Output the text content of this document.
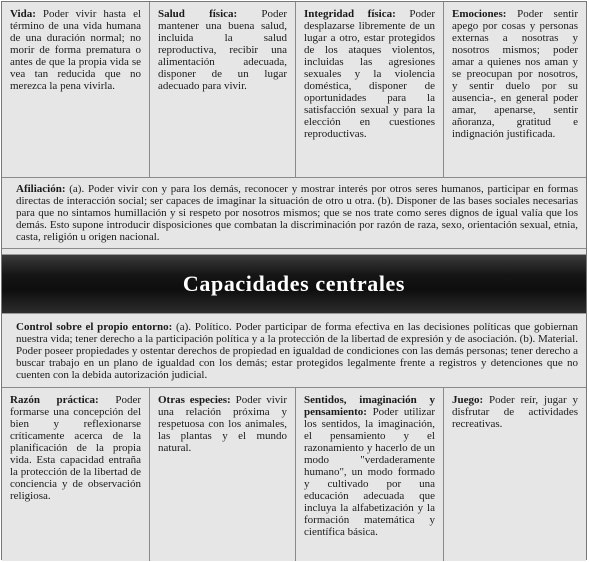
Vida: Poder vivir hasta el término de una vida humana de una duración normal; no morir de forma prematura o antes de que la propia vida se vea tan reducida que no merezca la pena vivirla.
Salud física: Poder mantener una buena salud, incluida la salud reproductiva, recibir una alimentación adecuada, disponer de un lugar adecuado para vivir.
Integridad física: Poder desplazarse libremente de un lugar a otro, estar protegidos de los ataques violentos, incluidas las agresiones sexuales y la violencia doméstica, disponer de oportunidades para la satisfacción sexual y para la elección en cuestiones reproductivas.
Emociones: Poder sentir apego por cosas y personas externas a nosotras y nosotros mismos; poder amar a quienes nos aman y se preocupan por nosotros, y sentir duelo por su ausencia-, en general poder amar, apenarse, sentir añoranza, gratitud e indignación justificada.
Afiliación: (a). Poder vivir con y para los demás, reconocer y mostrar interés por otros seres humanos, participar en formas directas de interacción social; ser capaces de imaginar la situación de otro u otra. (b). Disponer de las bases sociales necesarias para que no sintamos humillación y si respeto por nosotros mismos; que se nos trate como seres dignos de igual valía que los demás. Esto supone introducir disposiciones que combatan la discriminación por razón de raza, sexo, orientación sexual, etnia, casta, religión u origen nacional.
Capacidades centrales
Control sobre el propio entorno: (a). Político. Poder participar de forma efectiva en las decisiones políticas que gobiernan nuestra vida; tener derecho a la participación política y a la protección de la libertad de expresión y de asociación. (b). Material. Poder poseer propiedades y ostentar derechos de propiedad en igualdad de condiciones con las demás personas; tener derecho a buscar trabajo en un plano de igualdad con los demás; estar protegidos legalmente frente a registros y detenciones que no cuenten con la debida autorización judicial.
Razón práctica: Poder formarse una concepción del bien y reflexionarse críticamente acerca de la planificación de la propia vida. Esta capacidad entraña la protección de la libertad de conciencia y de observación religiosa.
Otras especies: Poder vivir una relación próxima y respetuosa con los animales, las plantas y el mundo natural.
Sentidos, imaginación y pensamiento: Poder utilizar los sentidos, la imaginación, el pensamiento y el razonamiento y hacerlo de un modo "verdaderamente humano", un modo formado y cultivado por una educación adecuada que incluya la alfabetización y la formación matemática y científica básica.
Juego: Poder reír, jugar y disfrutar de actividades recreativas.
